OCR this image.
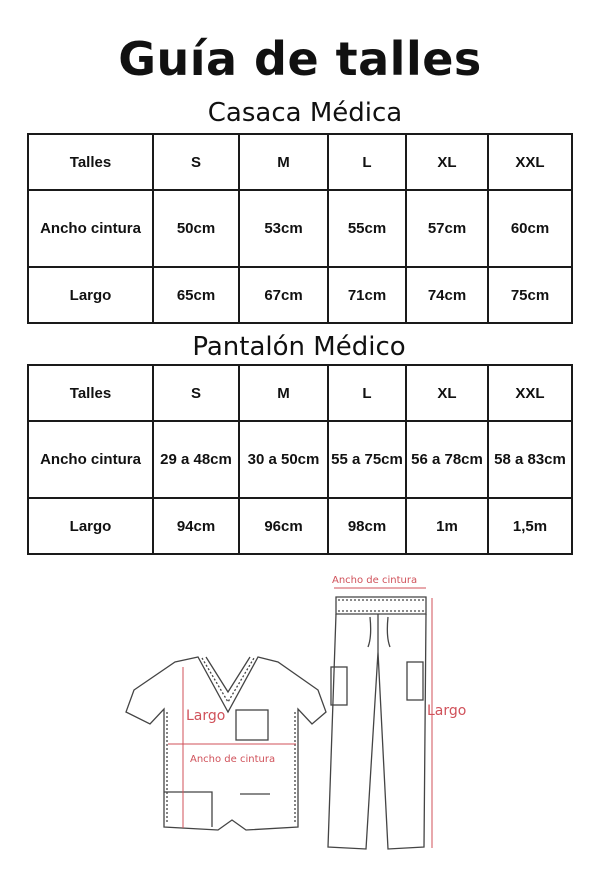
Guía de talles
Casaca Médica
Talles	S	M	L	XL	XXL
Ancho cintura	50cm	53cm	55cm	57cm	60cm
Largo	65cm	67cm	71cm	74cm	75cm
Pantalón Médico
Talles	S	M	L	XL	XXL
Ancho cintura	29 a 48cm	30 a 50cm	55 a 75cm	56 a 78cm	58 a 83cm
Largo	94cm	96cm	98cm	1m	1,5m
Largo
Ancho de cintura
Ancho de cintura
Largo
